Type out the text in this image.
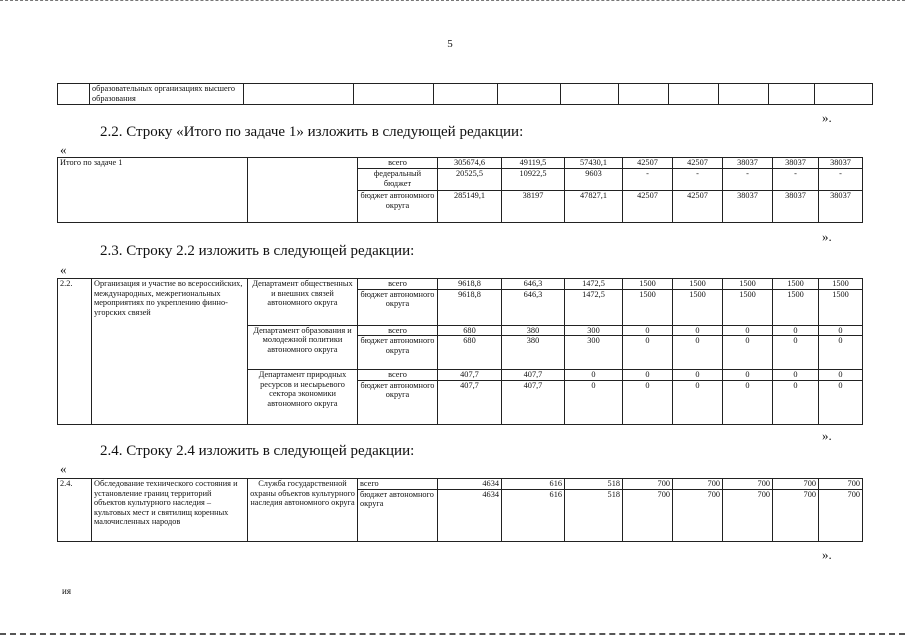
5
	образовательных организациях высшего образования										
».
2.2. Строку «Итого по задаче 1» изложить в следующей редакции:
«
Итого по задаче 1		всего	305674,6	49119,5	57430,1	42507	42507	38037	38037	38037
		федеральный бюджет	20525,5	10922,5	9603	-	-	-	-	-
		бюджет автономного округа	285149,1	38197	47827,1	42507	42507	38037	38037	38037
».
2.3. Строку 2.2 изложить в следующей редакции:
«
2.2.	Организация и участие во всероссийских, международных, межрегиональных мероприятиях по укреплению финно-угорских связей	Департамент общественных и внешних связей автономного округа	всего	9618,8	646,3	1472,5	1500	1500	1500	1500	1500
			бюджет автономного округа	9618,8	646,3	1472,5	1500	1500	1500	1500	1500
		Департамент образования и молодежной политики автономного округа	всего	680	380	300	0	0	0	0	0
			бюджет автономного округа	680	380	300	0	0	0	0	0
		Департамент природных ресурсов и несырьевого сектора экономики автономного округа	всего	407,7	407,7	0	0	0	0	0	0
			бюджет автономного округа	407,7	407,7	0	0	0	0	0	0
».
2.4. Строку 2.4 изложить в следующей редакции:
«
2.4.	Обследование технического состояния и установление границ территорий объектов культурного наследия – культовых мест и святилищ коренных малочисленных народов	Служба государственной охраны объектов культурного наследия автономного округа	всего	4634	616	518	700	700	700	700	700
			бюджет автономного округа	4634	616	518	700	700	700	700	700
».
ия
